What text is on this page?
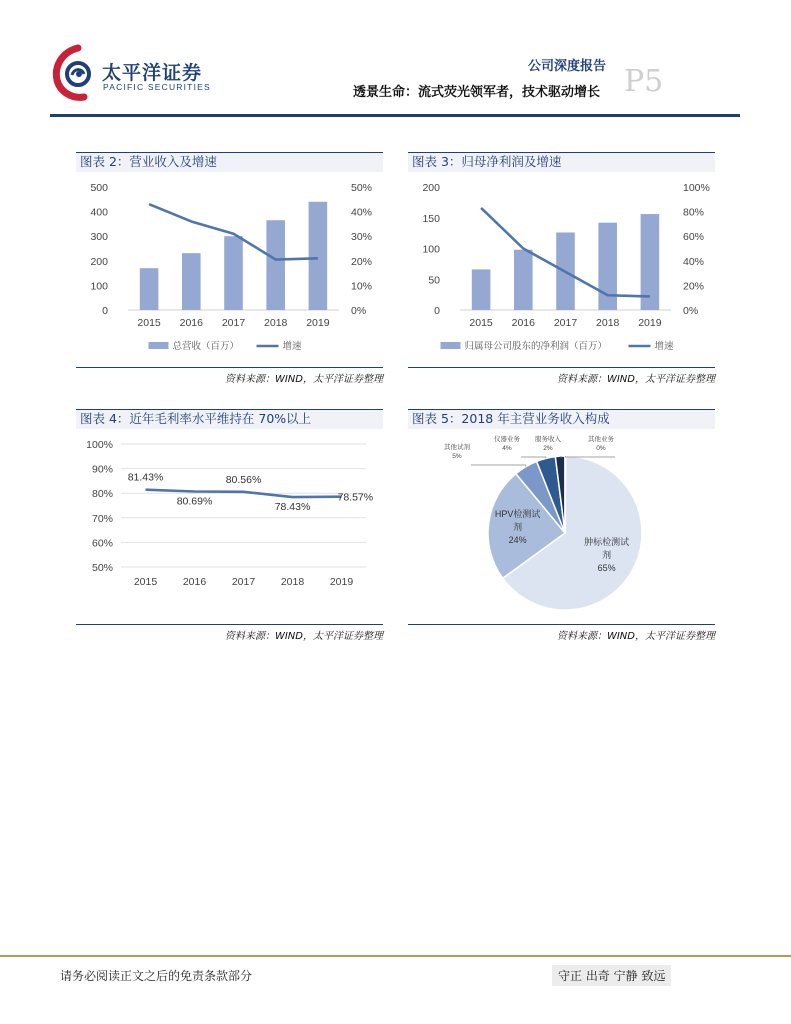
太平洋证券
PACIFIC SECURITIES
公司深度报告
透景生命：流式荧光领军者，技术驱动增长 P5
图表 2：营业收入及增速
0
100
200
300
400
500
0%
10%
20%
30%
40%
50%
2015 2016 2017 2018 2019
总营收（百万）	增速
资料来源：WIND，太平洋证券整理
图表 3：归母净利润及增速
0
50
100
150
200
0%
20%
40%
60%
80%
100%
2015 2016 2017 2018 2019
归属母公司股东的净利润（百万）	增速
资料来源：WIND，太平洋证券整理
图表 4：近年毛利率水平维持在 70%以上
50%
60%
70%
80%
90%
100%
81.43%
80.69%
80.56%
78.43%
78.57%
2015 2016 2017 2018 2019
资料来源：WIND，太平洋证券整理
图表 5：2018 年主营业务收入构成
肿标检测试
剂
65%
HPV检测试
剂
24%
其他试剂
5%
仪器业务
4%
服务收入
2%
其他业务
0%
资料来源：WIND，太平洋证券整理
请务必阅读正文之后的免责条款部分	守正 出奇 宁静 致远
